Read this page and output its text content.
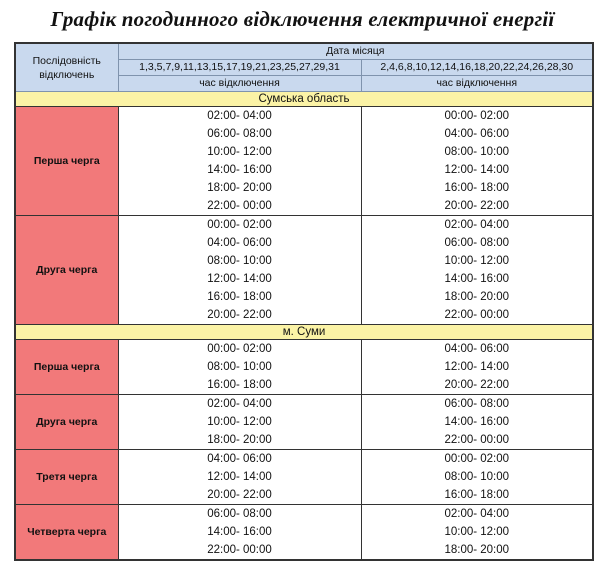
Графік погодинного відключення електричної енергії
Послідовність відключень	Дата місяця	
	1,3,5,7,9,11,13,15,17,19,21,23,25,27,29,31	2,4,6,8,10,12,14,16,18,20,22,24,26,28,30
	час відключення	час відключення
Сумська область		
Перша черга	02:00- 04:00	00:00- 02:00
	06:00- 08:00	04:00- 06:00
	10:00- 12:00	08:00- 10:00
	14:00- 16:00	12:00- 14:00
	18:00- 20:00	16:00- 18:00
	22:00- 00:00	20:00- 22:00
Друга черга	00:00- 02:00	02:00- 04:00
	04:00- 06:00	06:00- 08:00
	08:00- 10:00	10:00- 12:00
	12:00- 14:00	14:00- 16:00
	16:00- 18:00	18:00- 20:00
	20:00- 22:00	22:00- 00:00
м. Суми		
Перша черга	00:00- 02:00	04:00- 06:00
	08:00- 10:00	12:00- 14:00
	16:00- 18:00	20:00- 22:00
Друга черга	02:00- 04:00	06:00- 08:00
	10:00- 12:00	14:00- 16:00
	18:00- 20:00	22:00- 00:00
Третя черга	04:00- 06:00	00:00- 02:00
	12:00- 14:00	08:00- 10:00
	20:00- 22:00	16:00- 18:00
Четверта черга	06:00- 08:00	02:00- 04:00
	14:00- 16:00	10:00- 12:00
	22:00- 00:00	18:00- 20:00
